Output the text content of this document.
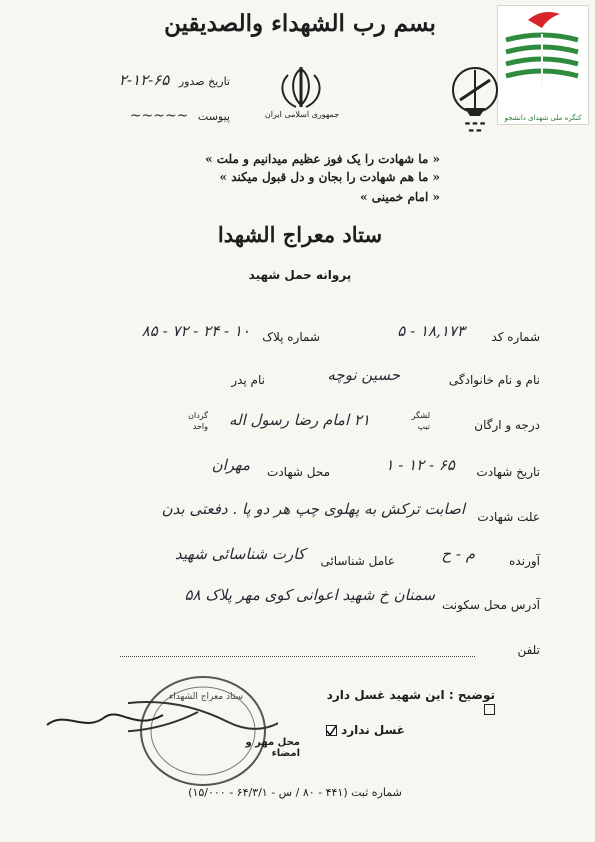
بسم رب الشهداء والصدیقین
کنگره ملی شهدای دانشجو
تاریخ صدور ۶۵-۱۲-۲
پیوست ~~~~~	جمهوری اسلامی ایران
▬ ▬ ▬
▬ ▬
« ما شهادت را یک فوز عظیم میدانیم و ملت »
« ما هم شهادت را بجان و دل قبول میکند »
« امام خمینی »
ستاد معراج الشهدا
پروانه حمل شهید
شماره کد
۱۸,۱۷۳ - ۵
شماره پلاک
۱۰ - ۲۴ - ۷۲ - ۸۵
نام و نام خانوادگی
حسین نوچه
نام پدر
درجه و ارگان
لشگر
تیپ
گردان
واحد	۲۱ امام رضا رسول اله
تاریخ شهادت
۶۵ - ۱۲ - ۱
محل شهادت
مهران
علت شهادت
اصابت ترکش به پهلوی چپ هر دو پا . دفعتی بدن
آورنده
م - ح
عامل شناسائی
کارت شناسائی شهید
آدرس محل سکونت
سمنان خ شهید اعوانی کوی مهر پلاک ۵۸
تلفن
توضیح : این شهید غسل دارد
غسل ندارد
ستاد معراج الشهداء
محل مهر و امضاء
شماره ثبت (۴۴۱ - ۸۰ / س - ۶۴/۳/۱ - ۱۵/۰۰۰)
